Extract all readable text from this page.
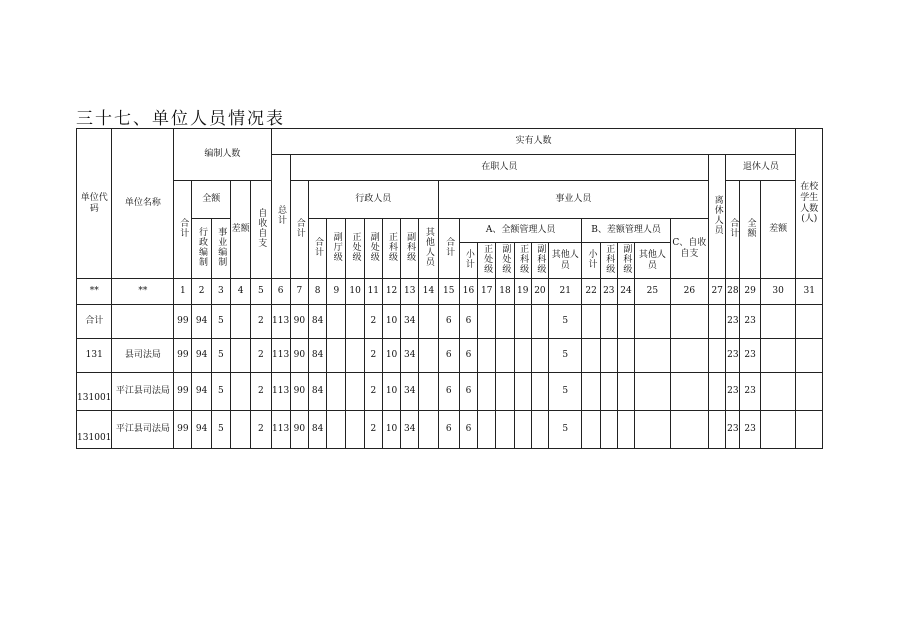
三十七、单位人员情况表
单位代码	单位名称	编制人数					实有人数																									在校学生人数(人)
							总计	在职人员																				离休人员	退休人员			
		合计	全额		差额	自收自支		合计	行政人员							事业人员													合计	全额	差额	
			行政编制	事业编制					合计	副厅级	正处级	副处级	正科级	副科级	其他人员	合计	A、全额管理人员						B、差额管理人员				C、自收自支					
																	小计	正处级	副处级	正科级	副科级	其他人员	小计	正科级	副科级	其他人员						

**	**	1	2	3	4	5	6	7	8	9	10	11	12	13	14	15	16	17	18	19	20	21	22	23	24	25	26	27	28	29	30	31
合计		99	94	5		2	113	90	84			2	10	34		6	6					5							23	23		
131	县司法局	99	94	5		2	113	90	84			2	10	34		6	6					5							23	23		
131001	平江县司法局	99	94	5		2	113	90	84			2	10	34		6	6					5							23	23		
131001	平江县司法局	99	94	5		2	113	90	84			2	10	34		6	6					5							23	23		
